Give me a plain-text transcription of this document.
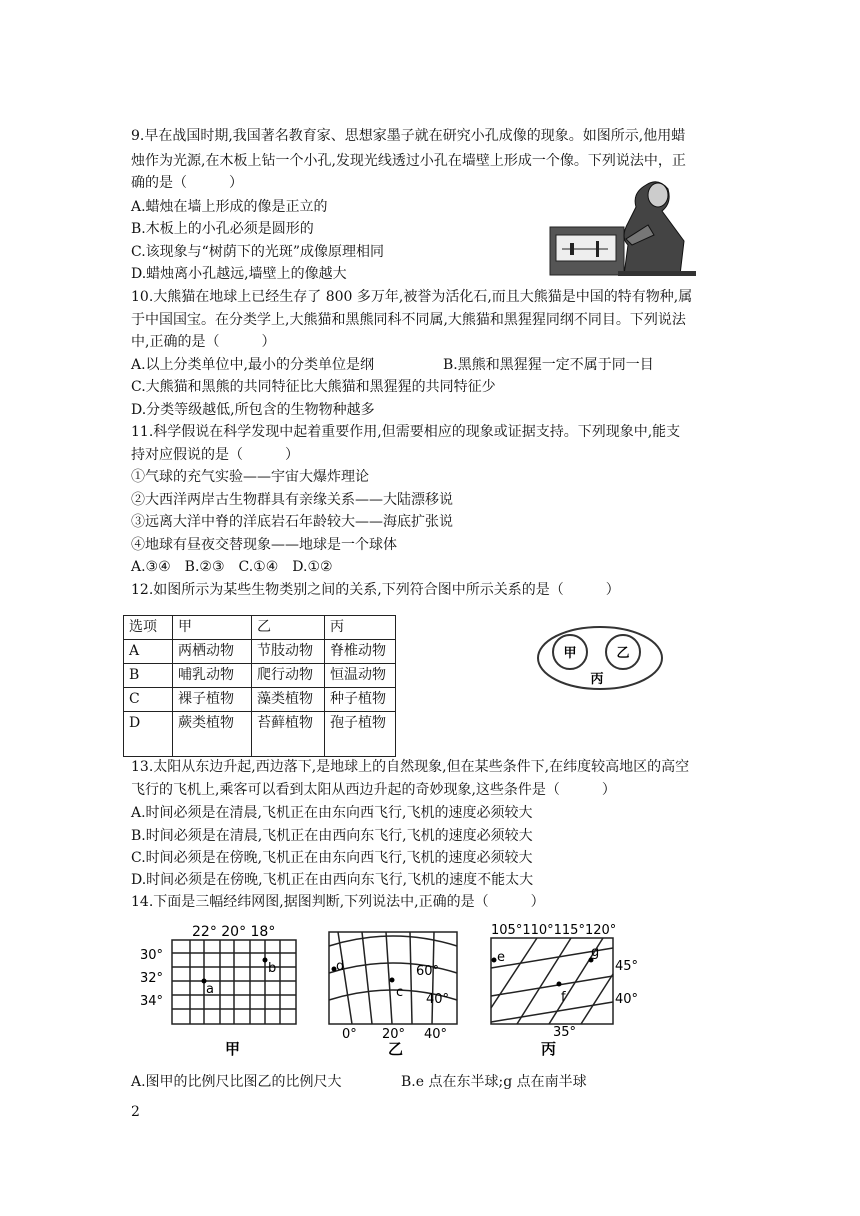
9.早在战国时期,我国著名教育家、思想家墨子就在研究小孔成像的现象。如图所示,他用蜡
烛作为光源,在木板上钻一个小孔,发现光线透过小孔在墙壁上形成一个像。下列说法中，正
确的是（　　　）
A.蜡烛在墙上形成的像是正立的
B.木板上的小孔必须是圆形的
C.该现象与“树荫下的光斑”成像原理相同
D.蜡烛离小孔越远,墙壁上的像越大
10.大熊猫在地球上已经生存了 800 多万年,被誉为活化石,而且大熊猫是中国的特有物种,属
于中国国宝。在分类学上,大熊猫和黑熊同科不同属,大熊猫和黑猩猩同纲不同目。下列说法
中,正确的是（　　　）
A.以上分类单位中,最小的分类单位是纲	B.黑熊和黑猩猩一定不属于同一目
C.大熊猫和黑熊的共同特征比大熊猫和黑猩猩的共同特征少
D.分类等级越低,所包含的生物物种越多
11.科学假说在科学发现中起着重要作用,但需要相应的现象或证据支持。下列现象中,能支
持对应假说的是（　　　）
①气球的充气实验——宇宙大爆炸理论
②大西洋两岸古生物群具有亲缘关系——大陆漂移说
③远离大洋中脊的洋底岩石年龄较大——海底扩张说
④地球有昼夜交替现象——地球是一个球体
A.③④　B.②③　C.①④　D.①②
12.如图所示为某些生物类别之间的关系,下列符合图中所示关系的是（　　　）
选项	甲	乙	丙
A	两栖动物	节肢动物	脊椎动物
B	哺乳动物	爬行动物	恒温动物
C	裸子植物	藻类植物	种子植物
D	蕨类植物	苔藓植物	孢子植物
甲	乙
丙
13.太阳从东边升起,西边落下,是地球上的自然现象,但在某些条件下,在纬度较高地区的高空
飞行的飞机上,乘客可以看到太阳从西边升起的奇妙现象,这些条件是（　　　）
A.时间必须是在清晨,飞机正在由东向西飞行,飞机的速度必须较大
B.时间必须是在清晨,飞机正在由西向东飞行,飞机的速度必须较大
C.时间必须是在傍晚,飞机正在由东向西飞行,飞机的速度必须较大
D.时间必须是在傍晚,飞机正在由西向东飞行,飞机的速度不能太大
14.下面是三幅经纬网图,据图判断,下列说法中,正确的是（　　　）
22° 20° 18°
30°
32°
34°
a
b
甲
d
c
60°
40°
0° 20° 40°
乙
105°110°115°120°
e	g
f
45°
40°
35°
丙
A.图甲的比例尺比图乙的比例尺大	B.e 点在东半球;g 点在南半球
2
